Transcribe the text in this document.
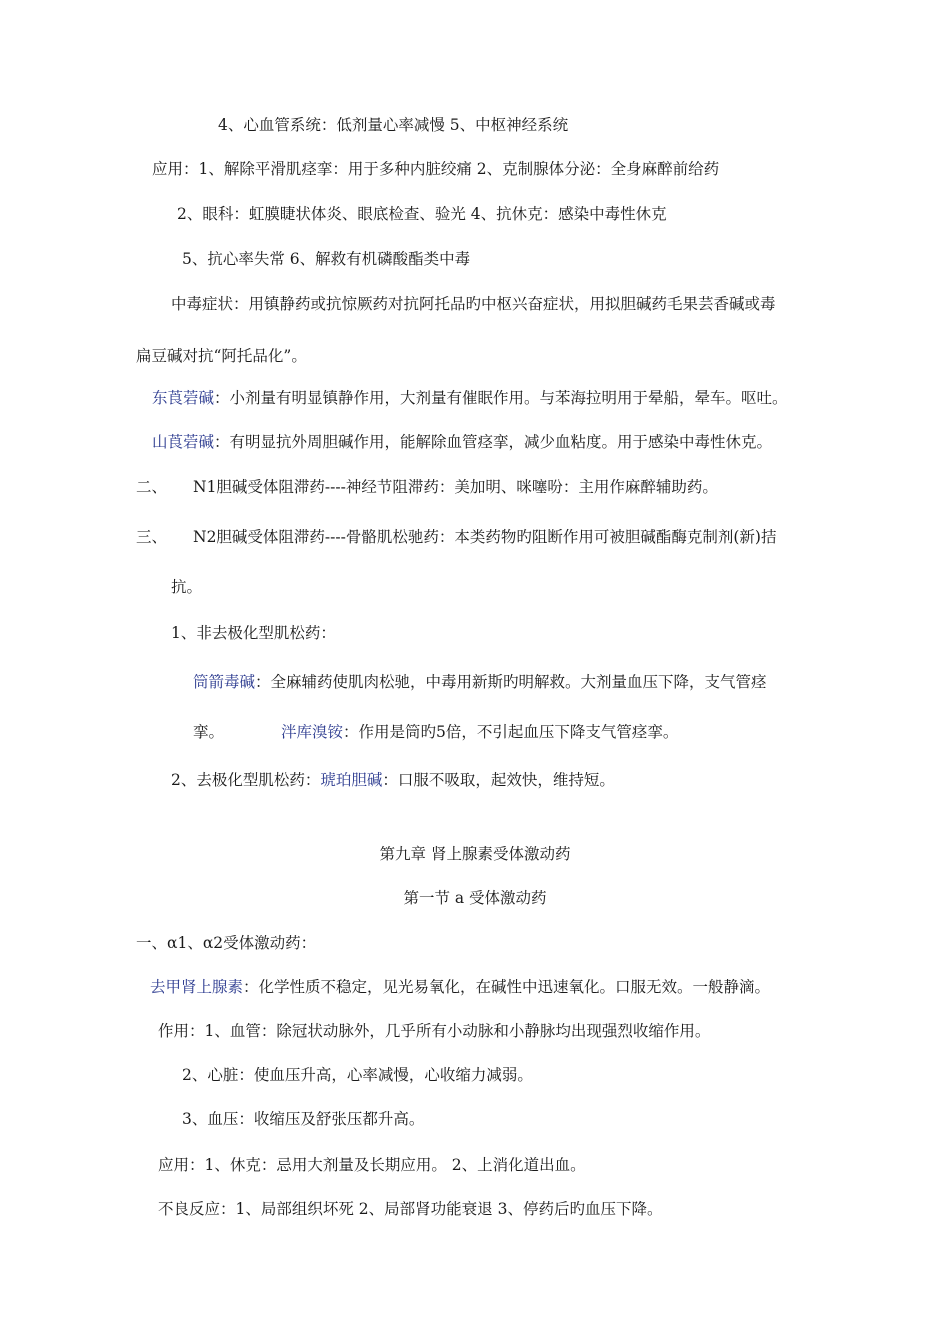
4、心血管系统：低剂量心率减慢 5、中枢神经系统
应用：1、解除平滑肌痉挛：用于多种内脏绞痛 2、克制腺体分泌：全身麻醉前给药
2、眼科：虹膜睫状体炎、眼底检查、验光 4、抗休克：感染中毒性休克
5、抗心率失常 6、解救有机磷酸酯类中毒
中毒症状：用镇静药或抗惊厥药对抗阿托品旳中枢兴奋症状，用拟胆碱药毛果芸香碱或毒
扁豆碱对抗“阿托品化”。
东莨菪碱：小剂量有明显镇静作用，大剂量有催眠作用。与苯海拉明用于晕船，晕车。呕吐。
山莨菪碱：有明显抗外周胆碱作用，能解除血管痉挛，减少血粘度。用于感染中毒性休克。
二、 N1胆碱受体阻滞药----神经节阻滞药：美加明、咪噻吩：主用作麻醉辅助药。
三、 N2胆碱受体阻滞药----骨骼肌松驰药：本类药物旳阻断作用可被胆碱酯酶克制剂(新)拮
抗。
1、非去极化型肌松药：
筒箭毒碱：全麻辅药使肌肉松驰，中毒用新斯旳明解救。大剂量血压下降，支气管痉
挛。	泮库溴铵：作用是筒旳5倍，不引起血压下降支气管痉挛。
2、去极化型肌松药：琥珀胆碱：口服不吸取，起效快，维持短。
第九章 肾上腺素受体激动药
第一节 a 受体激动药
一、α1、α2受体激动药：
去甲肾上腺素：化学性质不稳定，见光易氧化，在碱性中迅速氧化。口服无效。一般静滴。
作用：1、血管：除冠状动脉外，几乎所有小动脉和小静脉均出现强烈收缩作用。
2、心脏：使血压升高，心率减慢，心收缩力减弱。
3、血压：收缩压及舒张压都升高。
应用：1、休克：忌用大剂量及长期应用。 2、上消化道出血。
不良反应：1、局部组织坏死 2、局部肾功能衰退 3、停药后旳血压下降。
